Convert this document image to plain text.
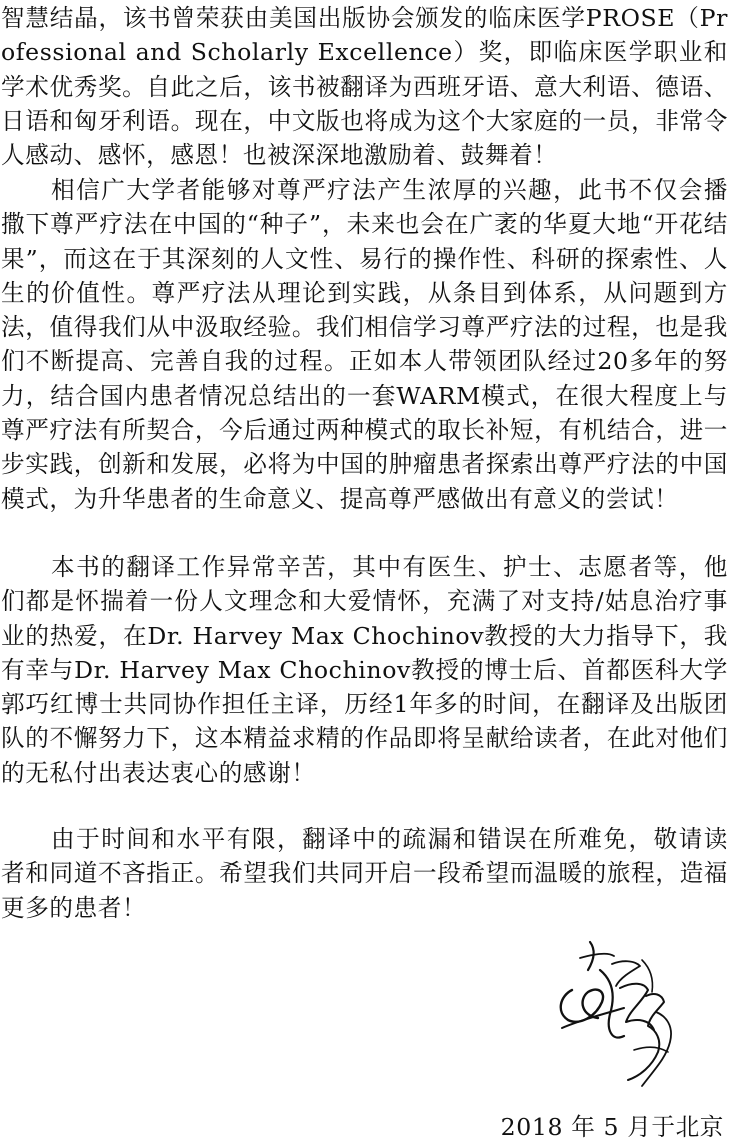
智慧结晶，该书曾荣获由美国出版协会颁发的临床医学PROSE（Professional and Scholarly Excellence）奖，即临床医学职业和学术优秀奖。自此之后，该书被翻译为西班牙语、意大利语、德语、日语和匈牙利语。现在，中文版也将成为这个大家庭的一员，非常令人感动、感怀，感恩！也被深深地激励着、鼓舞着！

相信广大学者能够对尊严疗法产生浓厚的兴趣，此书不仅会播撒下尊严疗法在中国的“种子”，未来也会在广袤的华夏大地“开花结果”，而这在于其深刻的人文性、易行的操作性、科研的探索性、人生的价值性。尊严疗法从理论到实践，从条目到体系，从问题到方法，值得我们从中汲取经验。我们相信学习尊严疗法的过程，也是我们不断提高、完善自我的过程。正如本人带领团队经过20多年的努力，结合国内患者情况总结出的一套WARM模式，在很大程度上与尊严疗法有所契合，今后通过两种模式的取长补短，有机结合，进一步实践，创新和发展，必将为中国的肿瘤患者探索出尊严疗法的中国模式，为升华患者的生命意义、提高尊严感做出有意义的尝试！

本书的翻译工作异常辛苦，其中有医生、护士、志愿者等，他们都是怀揣着一份人文理念和大爱情怀，充满了对支持/姑息治疗事业的热爱，在Dr. Harvey Max Chochinov教授的大力指导下，我有幸与Dr. Harvey Max Chochinov教授的博士后、首都医科大学郭巧红博士共同协作担任主译，历经1年多的时间，在翻译及出版团队的不懈努力下，这本精益求精的作品即将呈献给读者，在此对他们的无私付出表达衷心的感谢！

由于时间和水平有限，翻译中的疏漏和错误在所难免，敬请读者和同道不吝指正。希望我们共同开启一段希望而温暖的旅程，造福更多的患者！

2018 年 5 月于北京
